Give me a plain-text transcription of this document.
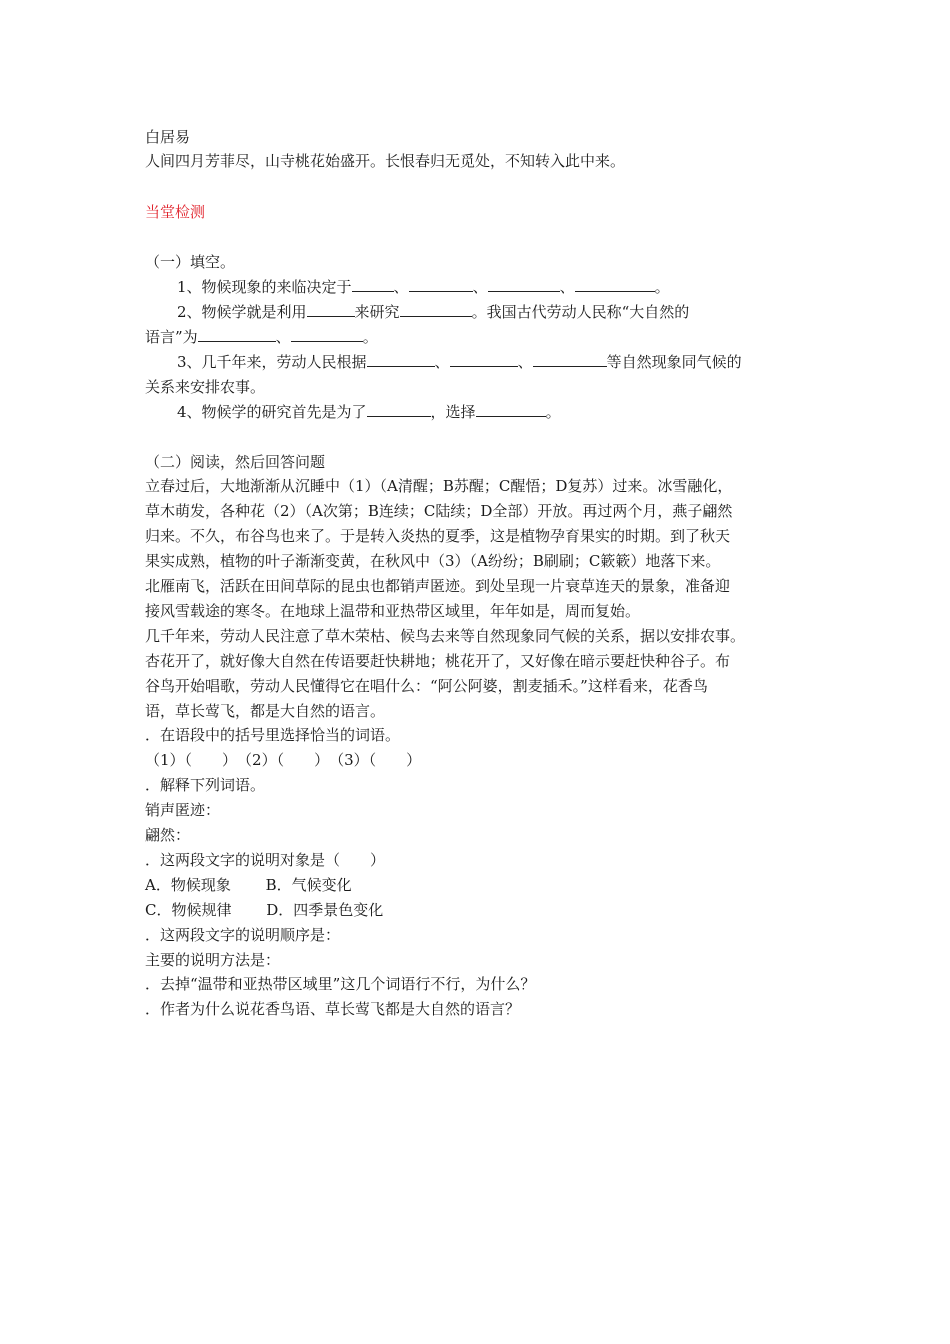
白居易
人间四月芳菲尽，山寺桃花始盛开。长恨春归无觅处，不知转入此中来。
当堂检测
（一）填空。
1、物候现象的来临决定于	、	、	、	。
2、物候学就是利用	来研究	。我国古代劳动人民称“大自然的
语言”为	、	。
3、几千年来，劳动人民根据	、	、	等自然现象同气候的
关系来安排农事。
4、物候学的研究首先是为了	，选择	。
（二）阅读，然后回答问题
立春过后，大地渐渐从沉睡中（1）（A清醒；B苏醒；C醒悟；D复苏）过来。冰雪融化，
草木萌发，各种花（2）（A次第；B连续；C陆续；D全部）开放。再过两个月，燕子翩然
归来。不久，布谷鸟也来了。于是转入炎热的夏季，这是植物孕育果实的时期。到了秋天
果实成熟，植物的叶子渐渐变黄，在秋风中（3）（A纷纷；B刷刷；C簌簌）地落下来。
北雁南飞，活跃在田间草际的昆虫也都销声匿迹。到处呈现一片衰草连天的景象，准备迎
接风雪载途的寒冬。在地球上温带和亚热带区域里，年年如是，周而复始。
几千年来，劳动人民注意了草木荣枯、候鸟去来等自然现象同气候的关系，据以安排农事。
杏花开了，就好像大自然在传语要赶快耕地；桃花开了，又好像在暗示要赶快种谷子。布
谷鸟开始唱歌，劳动人民懂得它在唱什么：“阿公阿婆，割麦插禾。”这样看来，花香鸟
语，草长莺飞，都是大自然的语言。
．在语段中的括号里选择恰当的词语。
（1）（　　）　（2）（　　）　（3）（　　）
．解释下列词语。
销声匿迹：
翩然：
．这两段文字的说明对象是（　　）
A．物候现象　　 B．气候变化
C．物候规律　　 D．四季景色变化
．这两段文字的说明顺序是：
主要的说明方法是：
．去掉“温带和亚热带区域里”这几个词语行不行，为什么？
．作者为什么说花香鸟语、草长莺飞都是大自然的语言？
